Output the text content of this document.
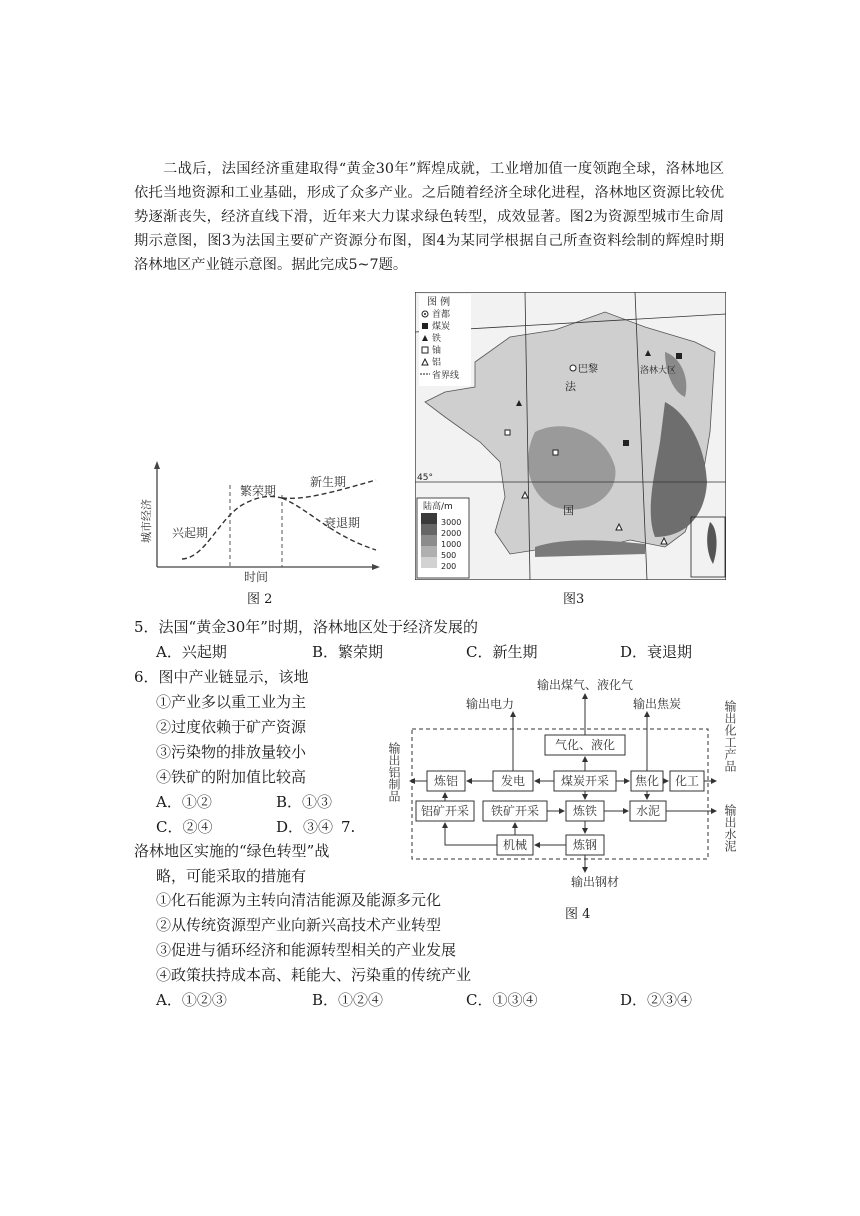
二战后，法国经济重建取得“黄金30年”辉煌成就，工业增加值一度领跑全球，洛林地区依托当地资源和工业基础，形成了众多产业。之后随着经济全球化进程，洛林地区资源比较优势逐渐丧失，经济直线下滑，近年来大力谋求绿色转型，成效显著。图2为资源型城市生命周期示意图，图3为法国主要矿产资源分布图，图4为某同学根据自己所查资料绘制的辉煌时期洛林地区产业链示意图。据此完成5~7题。
城市经济 兴起期
繁荣期
新生期
衰退期
时间
图 2
45°
图 例
首都
煤炭
铁
铀
铝
省界线
巴黎
法
国
洛林大区
陆高/m
3000
2000
1000
500
200
图3
5．法国“黄金30年”时期，洛林地区处于经济发展的
A．兴起期	B．繁荣期	C．新生期	D．衰退期
6．图中产业链显示，该地
①产业多以重工业为主
②过度依赖于矿产资源
③污染物的排放量较小
④铁矿的附加值比较高
A．①②	B．①③
C．②④	D．③④ 7.
洛林地区实施的“绿色转型”战
略，可能采取的措施有
①化石能源为主转向清洁能源及能源多元化
②从传统资源型产业向新兴高技术产业转型
③促进与循环经济和能源转型相关的产业发展
④政策扶持成本高、耗能大、污染重的传统产业
A．①②③	B．①②④	C．①③④	D．②③④
气化、液化
炼铝	发电	煤炭开采 焦化 化工
铝矿开采 铁矿开采	炼铁	水泥
机械	炼钢
输出煤气、液化气
输出电力	输出焦炭	输出化工产品
输出铝制品
输出水泥
输出钢材
图 4
